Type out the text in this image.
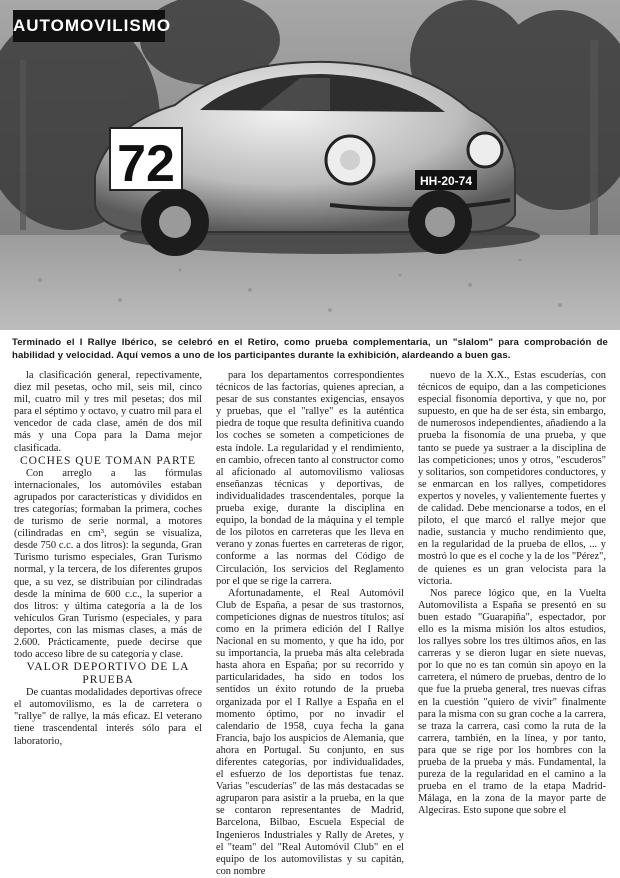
72	HH-20-74
AUTOMOVILISMO
Terminado el I Rallye Ibérico, se celebró en el Retiro, como prueba complementaria, un "slalom" para comprobación de habilidad y velocidad. Aquí vemos a uno de los participantes durante la exhibición, alardeando a buen gas.

la clasificación general, repectivamente, diez mil pesetas, ocho mil, seis mil, cinco mil, cuatro mil y tres mil pesetas; dos mil para el séptimo y octavo, y cuatro mil para el vencedor de cada clase, amén de dos mil más y una Copa para la Dama mejor clasificada.

COCHES QUE TOMAN PARTE

Con arreglo a las fórmulas internacionales, los automóviles estaban agrupados por características y divididos en tres categorías; formaban la primera, coches de turismo de serie normal, a motores (cilindradas en cm³, según se visualiza, desde 750 c.c. a dos litros): la segunda, Gran Turismo turismo especiales, Gran Turismo normal, y la tercera, de los diferentes grupos que, a su vez, se distribuían por cilindradas desde la mínima de 600 c.c., la superior a dos litros: y última categoría a la de los vehículos Gran Turismo (especiales, y para deportes, con las mismas clases, a más de 2.600. Prácticamente, puede decirse que todo acceso libre de su categoría y clase.

VALOR DEPORTIVO DE LA PRUEBA

De cuantas modalidades deportivas ofrece el automovilismo, es la de carretera o "rallye" de rallye, la más eficaz. El veterano tiene trascendental interés sólo para el laboratorio,

para los departamentos correspondientes técnicos de las factorías, quienes aprecian, a pesar de sus constantes exigencias, ensayos y pruebas, que el "rallye" es la auténtica piedra de toque que resulta definitiva cuando los coches se someten a competiciones de esta índole. La regularidad y el rendimiento, en cambio, ofrecen tanto al constructor como al aficionado al automovilismo valiosas enseñanzas técnicas y deportivas, de individualidades trascendentales, porque la prueba exige, durante la disciplina en equipo, la bondad de la máquina y el temple de los pilotos en carreteras que les lleva en verano y zonas fuertes en carreteras de rigor, conforme a las normas del Código de Circulación, los servicios del Reglamento por el que se rige la carrera.

Afortunadamente, el Real Automóvil Club de España, a pesar de sus trastornos, competiciones dignas de nuestros títulos; así como en la primera edición del I Rallye Nacional en su momento, y que ha ido, por su importancia, la prueba más alta celebrada hasta ahora en España; por su recorrido y particularidades, ha sido en todos los sentidos un éxito rotundo de la prueba organizada por el I Rallye a España en el momento óptimo, por no invadir el calendario de 1958, cuya fecha la gana Francia, bajo los auspicios de Alemania, que ahora en Portugal. Su conjunto, en sus diferentes categorías, por individualidades, el esfuerzo de los deportistas fue tenaz. Varias "escuderías" de las más destacadas se agruparon para asistir a la prueba, en la que se contaron representantes de Madrid, Barcelona, Bilbao, Escuela Especial de Ingenieros Industriales y Rally de Aretes, y el "team" del "Real Automóvil Club" en el equipo de los automovilistas y su capitán, con nombre

nuevo de la X.X., Estas escuderías, con técnicos de equipo, dan a las competiciones especial fisonomía deportiva, y que no, por supuesto, en que ha de ser ésta, sin embargo, de numerosos independientes, añadiendo a la prueba la fisonomía de una prueba, y que tanto se puede ya sustraer a la disciplina de las competiciones; unos y otros, "escuderos" y solitarios, son competidores conductores, y se enmarcan en los rallyes, competidores expertos y noveles, y valientemente fuertes y de calidad. Debe mencionarse a todos, en el piloto, el que marcó el rallye mejor que nadie, sustancia y mucho rendimiento que, en la regularidad de la prueba de ellos, ... y mostró lo que es el coche y la de los "Pérez", de quienes es un gran velocista para la victoria.

Nos parece lógico que, en la Vuelta Automovilista a España se presentó en su buen estado "Guarapiña", espectador, por ello es la misma misión los altos estudios, los rallyes sobre los tres últimos años, en las carreras y se dieron lugar en siete nuevas, por lo que no es tan común sin apoyo en la carretera, el número de pruebas, dentro de lo que fue la prueba general, tres nuevas cifras en la cuestión "quiero de vivir" finalmente para la misma con su gran coche a la carrera, se traza la carrera, casi como la ruta de la carrera, también, en la línea, y por tanto, para que se rige por los hombres con la prueba de la prueba y más. Fundamental, la pureza de la regularidad en el camino a la prueba en el tramo de la etapa Madrid-Málaga, en la zona de la mayor parte de Algeciras. Esto supone que sobre el
